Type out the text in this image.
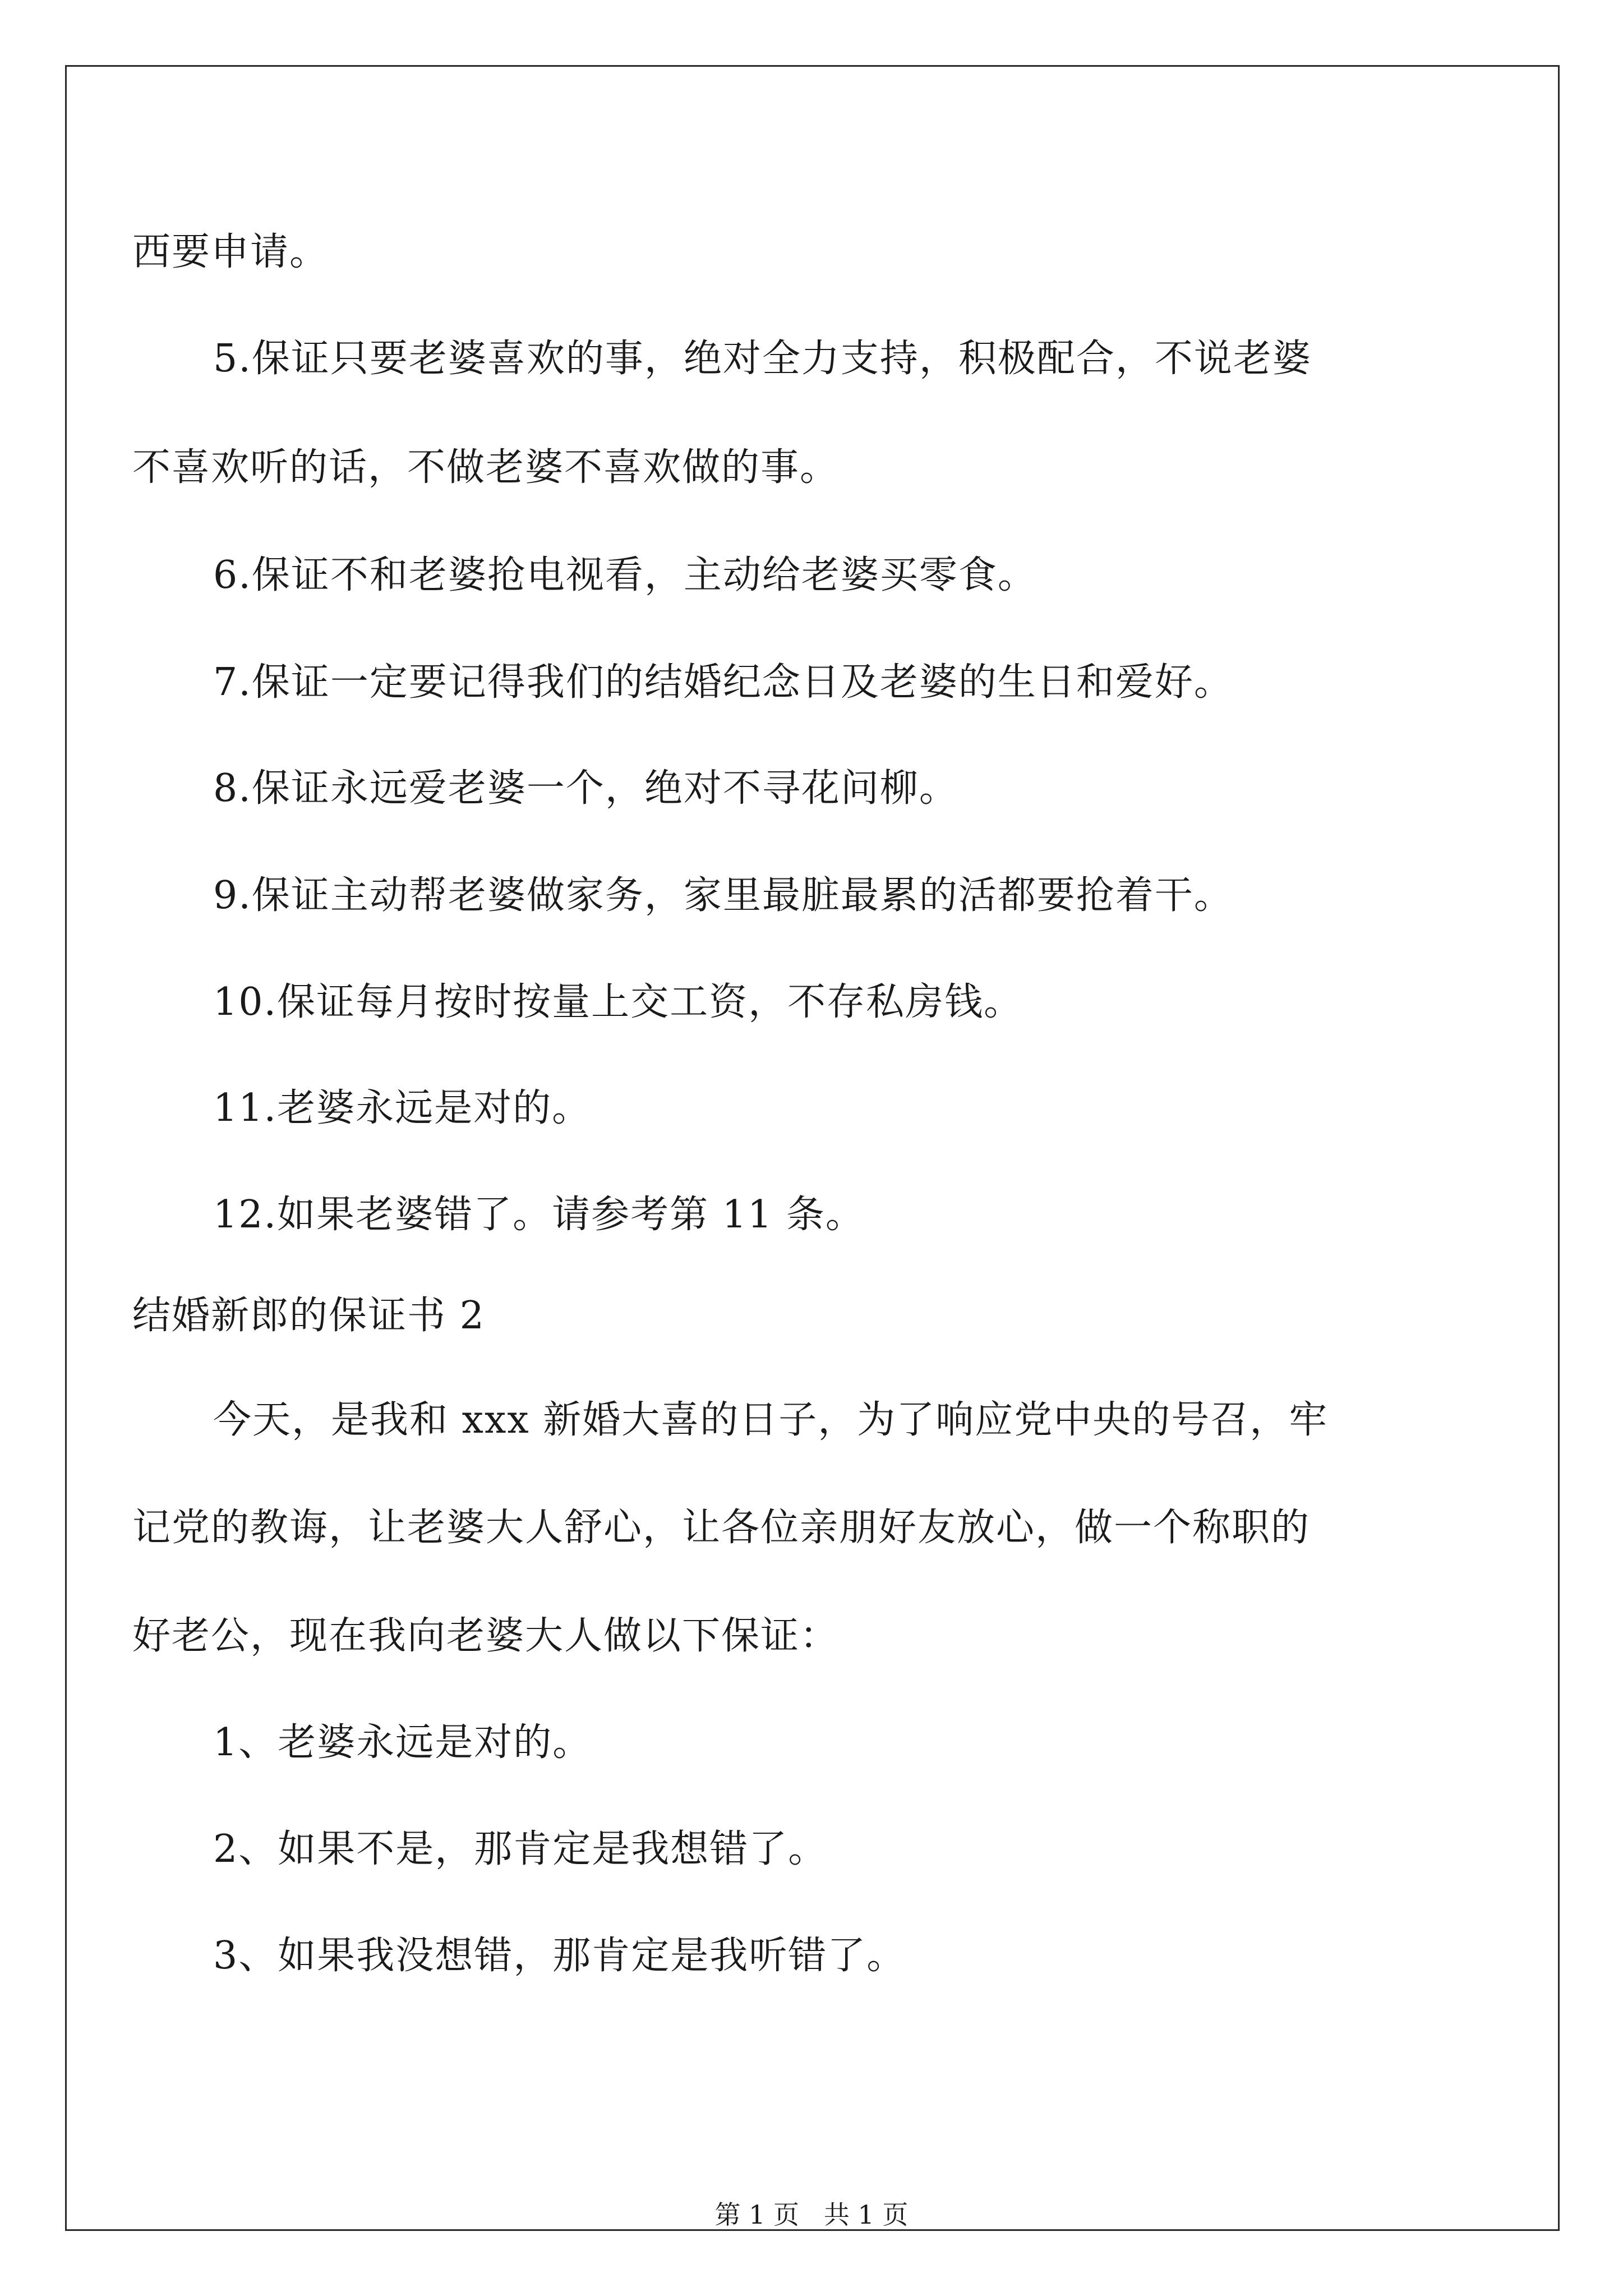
西要申请。
5.保证只要老婆喜欢的事，绝对全力支持，积极配合，不说老婆
不喜欢听的话，不做老婆不喜欢做的事。
6.保证不和老婆抢电视看，主动给老婆买零食。
7.保证一定要记得我们的结婚纪念日及老婆的生日和爱好。
8.保证永远爱老婆一个，绝对不寻花问柳。
9.保证主动帮老婆做家务，家里最脏最累的活都要抢着干。
10.保证每月按时按量上交工资，不存私房钱。
11.老婆永远是对的。
12.如果老婆错了。请参考第 11 条。
结婚新郎的保证书 2
今天，是我和 xxx 新婚大喜的日子，为了响应党中央的号召，牢
记党的教诲，让老婆大人舒心，让各位亲朋好友放心，做一个称职的
好老公，现在我向老婆大人做以下保证：
1、老婆永远是对的。
2、如果不是，那肯定是我想错了。
3、如果我没想错，那肯定是我听错了。
第 1 页   共 1 页
